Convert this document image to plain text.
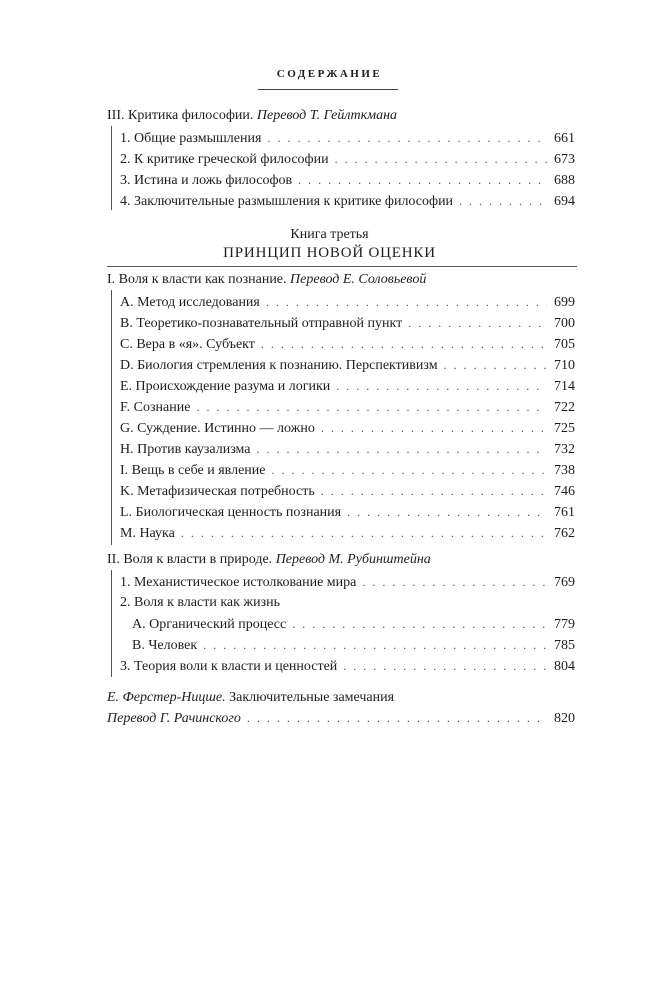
СОДЕРЖАНИЕ
III. Критика философии. Перевод Т. Гейлткмана
1. Общие размышления . . .	661
2. К критике греческой философии . . .	673
3. Истина и ложь философов . . .	688
4. Заключительные размышления к критике философии . . .	694
Книга третья
ПРИНЦИП НОВОЙ ОЦЕНКИ
I. Воля к власти как познание. Перевод Е. Соловьевой
A. Метод исследования . . .	699
B. Теоретико-познавательный отправной пункт . . .	700
C. Вера в «я». Субъект . . .	705
D. Биология стремления к познанию. Перспективизм . . .	710
E. Происхождение разума и логики . . .	714
F. Сознание . . .	722
G. Суждение. Истинно — ложно . . .	725
H. Против каузализма . . .	732
I. Вещь в себе и явление . . .	738
K. Метафизическая потребность . . .	746
L. Биологическая ценность познания . . .	761
M. Наука . . .	762
II. Воля к власти в природе. Перевод М. Рубинштейна
1. Механистическое истолкование мира . . .	769
2. Воля к власти как жизнь
A. Органический процесс . . .	779
B. Человек . . .	785
3. Теория воли к власти и ценностей . . .	804
Е. Ферстер-Ницше. Заключительные замечания
Перевод Г. Рачинского . . .	820
